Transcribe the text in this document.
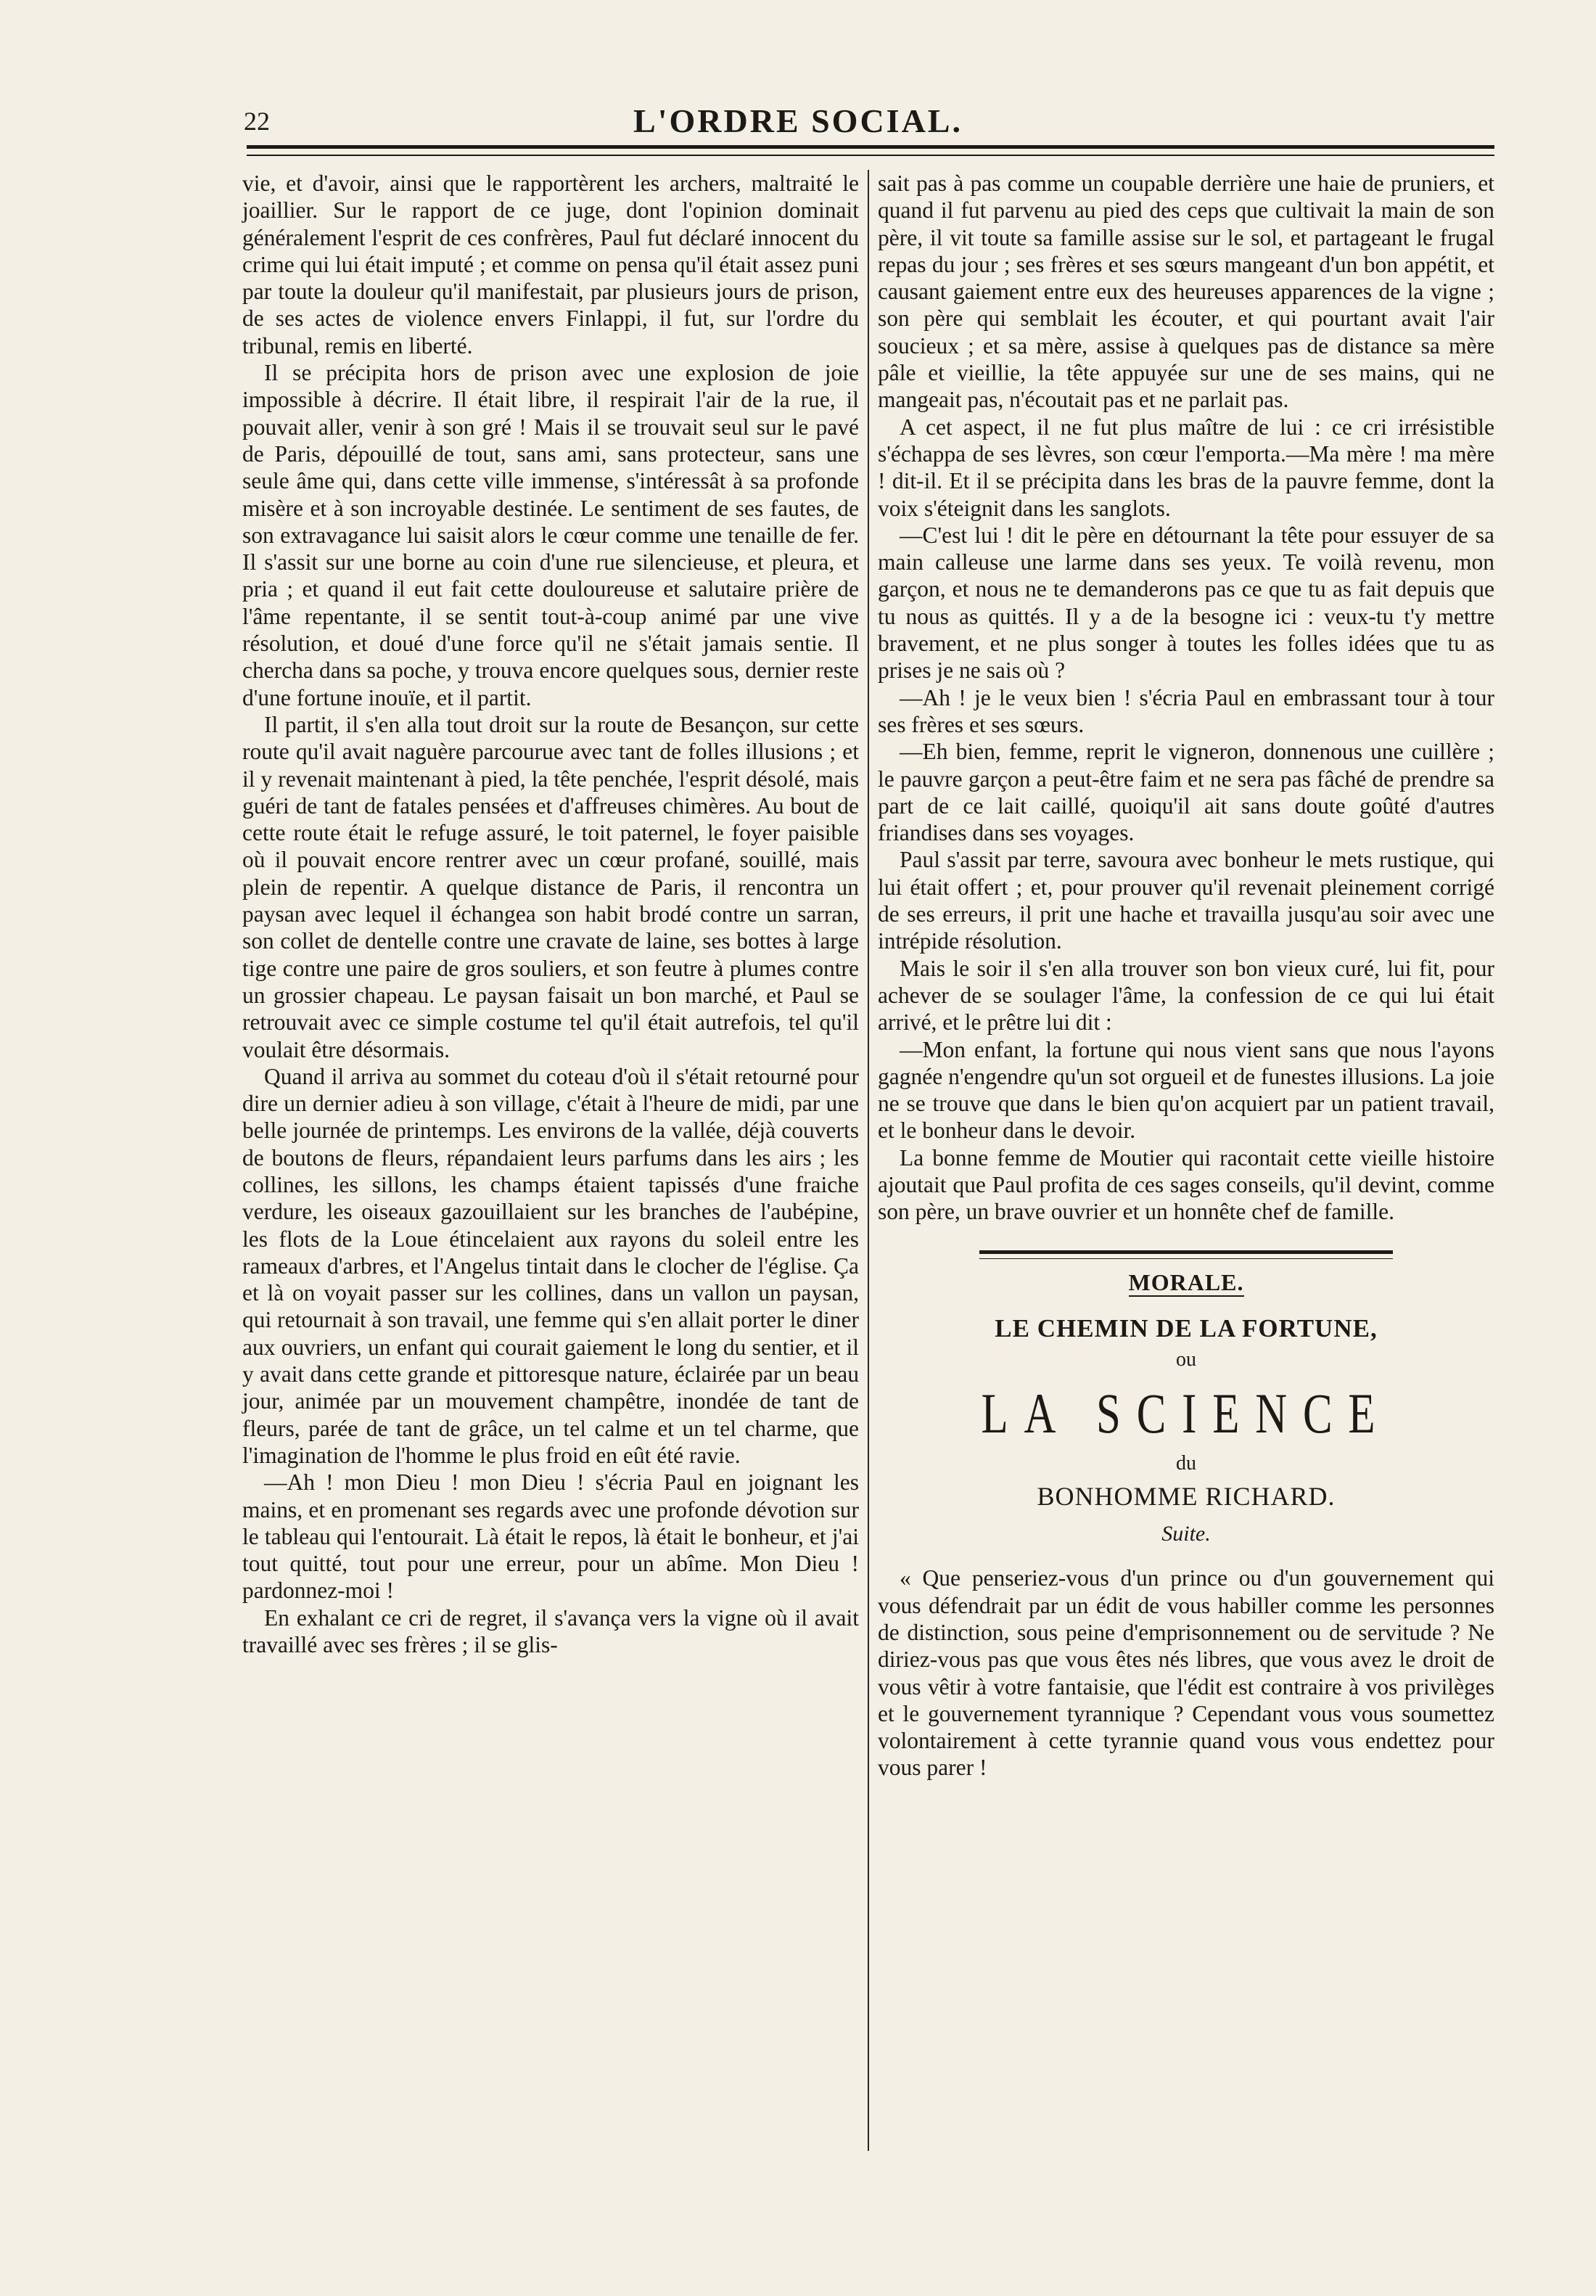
22	L'ORDRE SOCIAL.

vie, et d'avoir, ainsi que le rapportèrent les archers, maltraité le joaillier. Sur le rapport de ce juge, dont l'opinion dominait généralement l'esprit de ces confrères, Paul fut déclaré innocent du crime qui lui était imputé ; et comme on pensa qu'il était assez puni par toute la douleur qu'il manifestait, par plusieurs jours de prison, de ses actes de violence envers Finlappi, il fut, sur l'ordre du tribunal, remis en liberté.

Il se précipita hors de prison avec une explosion de joie impossible à décrire. Il était libre, il respirait l'air de la rue, il pouvait aller, venir à son gré ! Mais il se trouvait seul sur le pavé de Paris, dépouillé de tout, sans ami, sans protecteur, sans une seule âme qui, dans cette ville immense, s'intéressât à sa profonde misère et à son incroyable destinée. Le sentiment de ses fautes, de son extravagance lui saisit alors le cœur comme une tenaille de fer. Il s'assit sur une borne au coin d'une rue silencieuse, et pleura, et pria ; et quand il eut fait cette douloureuse et salutaire prière de l'âme repentante, il se sentit tout-à-coup animé par une vive résolution, et doué d'une force qu'il ne s'était jamais sentie. Il chercha dans sa poche, y trouva encore quelques sous, dernier reste d'une fortune inouïe, et il partit.

Il partit, il s'en alla tout droit sur la route de Besançon, sur cette route qu'il avait naguère parcourue avec tant de folles illusions ; et il y revenait maintenant à pied, la tête penchée, l'esprit désolé, mais guéri de tant de fatales pensées et d'affreuses chimères. Au bout de cette route était le refuge assuré, le toit paternel, le foyer paisible où il pouvait encore rentrer avec un cœur profané, souillé, mais plein de repentir. A quelque distance de Paris, il rencontra un paysan avec lequel il échangea son habit brodé contre un sarran, son collet de dentelle contre une cravate de laine, ses bottes à large tige contre une paire de gros souliers, et son feutre à plumes contre un grossier chapeau. Le paysan faisait un bon marché, et Paul se retrouvait avec ce simple costume tel qu'il était autrefois, tel qu'il voulait être désormais.

Quand il arriva au sommet du coteau d'où il s'était retourné pour dire un dernier adieu à son village, c'était à l'heure de midi, par une belle journée de printemps. Les environs de la vallée, déjà couverts de boutons de fleurs, répandaient leurs parfums dans les airs ; les collines, les sillons, les champs étaient tapissés d'une fraiche verdure, les oiseaux gazouillaient sur les branches de l'aubépine, les flots de la Loue étincelaient aux rayons du soleil entre les rameaux d'arbres, et l'Angelus tintait dans le clocher de l'église. Ça et là on voyait passer sur les collines, dans un vallon un paysan, qui retournait à son travail, une femme qui s'en allait porter le diner aux ouvriers, un enfant qui courait gaiement le long du sentier, et il y avait dans cette grande et pittoresque nature, éclairée par un beau jour, animée par un mouvement champêtre, inondée de tant de fleurs, parée de tant de grâce, un tel calme et un tel charme, que l'imagination de l'homme le plus froid en eût été ravie.

—Ah ! mon Dieu ! mon Dieu ! s'écria Paul en joignant les mains, et en promenant ses regards avec une profonde dévotion sur le tableau qui l'entourait. Là était le repos, là était le bonheur, et j'ai tout quitté, tout pour une erreur, pour un abîme. Mon Dieu ! pardonnez-moi !

En exhalant ce cri de regret, il s'avança vers la vigne où il avait travaillé avec ses frères ; il se glis-

sait pas à pas comme un coupable derrière une haie de pruniers, et quand il fut parvenu au pied des ceps que cultivait la main de son père, il vit toute sa famille assise sur le sol, et partageant le frugal repas du jour ; ses frères et ses sœurs mangeant d'un bon appétit, et causant gaiement entre eux des heureuses apparences de la vigne ; son père qui semblait les écouter, et qui pourtant avait l'air soucieux ; et sa mère, assise à quelques pas de distance sa mère pâle et vieillie, la tête appuyée sur une de ses mains, qui ne mangeait pas, n'écoutait pas et ne parlait pas.

A cet aspect, il ne fut plus maître de lui : ce cri irrésistible s'échappa de ses lèvres, son cœur l'emporta.—Ma mère ! ma mère ! dit-il. Et il se précipita dans les bras de la pauvre femme, dont la voix s'éteignit dans les sanglots.

—C'est lui ! dit le père en détournant la tête pour essuyer de sa main calleuse une larme dans ses yeux. Te voilà revenu, mon garçon, et nous ne te demanderons pas ce que tu as fait depuis que tu nous as quittés. Il y a de la besogne ici : veux-tu t'y mettre bravement, et ne plus songer à toutes les folles idées que tu as prises je ne sais où ?

—Ah ! je le veux bien ! s'écria Paul en embrassant tour à tour ses frères et ses sœurs.

—Eh bien, femme, reprit le vigneron, donnenous une cuillère ; le pauvre garçon a peut-être faim et ne sera pas fâché de prendre sa part de ce lait caillé, quoiqu'il ait sans doute goûté d'autres friandises dans ses voyages.

Paul s'assit par terre, savoura avec bonheur le mets rustique, qui lui était offert ; et, pour prouver qu'il revenait pleinement corrigé de ses erreurs, il prit une hache et travailla jusqu'au soir avec une intrépide résolution.

Mais le soir il s'en alla trouver son bon vieux curé, lui fit, pour achever de se soulager l'âme, la confession de ce qui lui était arrivé, et le prêtre lui dit :

—Mon enfant, la fortune qui nous vient sans que nous l'ayons gagnée n'engendre qu'un sot orgueil et de funestes illusions. La joie ne se trouve que dans le bien qu'on acquiert par un patient travail, et le bonheur dans le devoir.

La bonne femme de Moutier qui racontait cette vieille histoire ajoutait que Paul profita de ces sages conseils, qu'il devint, comme son père, un brave ouvrier et un honnête chef de famille.

MORALE.
LE CHEMIN DE LA FORTUNE,
ou
LA SCIENCE
du
BONHOMME RICHARD.
Suite.

« Que penseriez-vous d'un prince ou d'un gouvernement qui vous défendrait par un édit de vous habiller comme les personnes de distinction, sous peine d'emprisonnement ou de servitude ? Ne diriez-vous pas que vous êtes nés libres, que vous avez le droit de vous vêtir à votre fantaisie, que l'édit est contraire à vos privilèges et le gouvernement tyrannique ? Cependant vous vous soumettez volontairement à cette tyrannie quand vous vous endettez pour vous parer !
